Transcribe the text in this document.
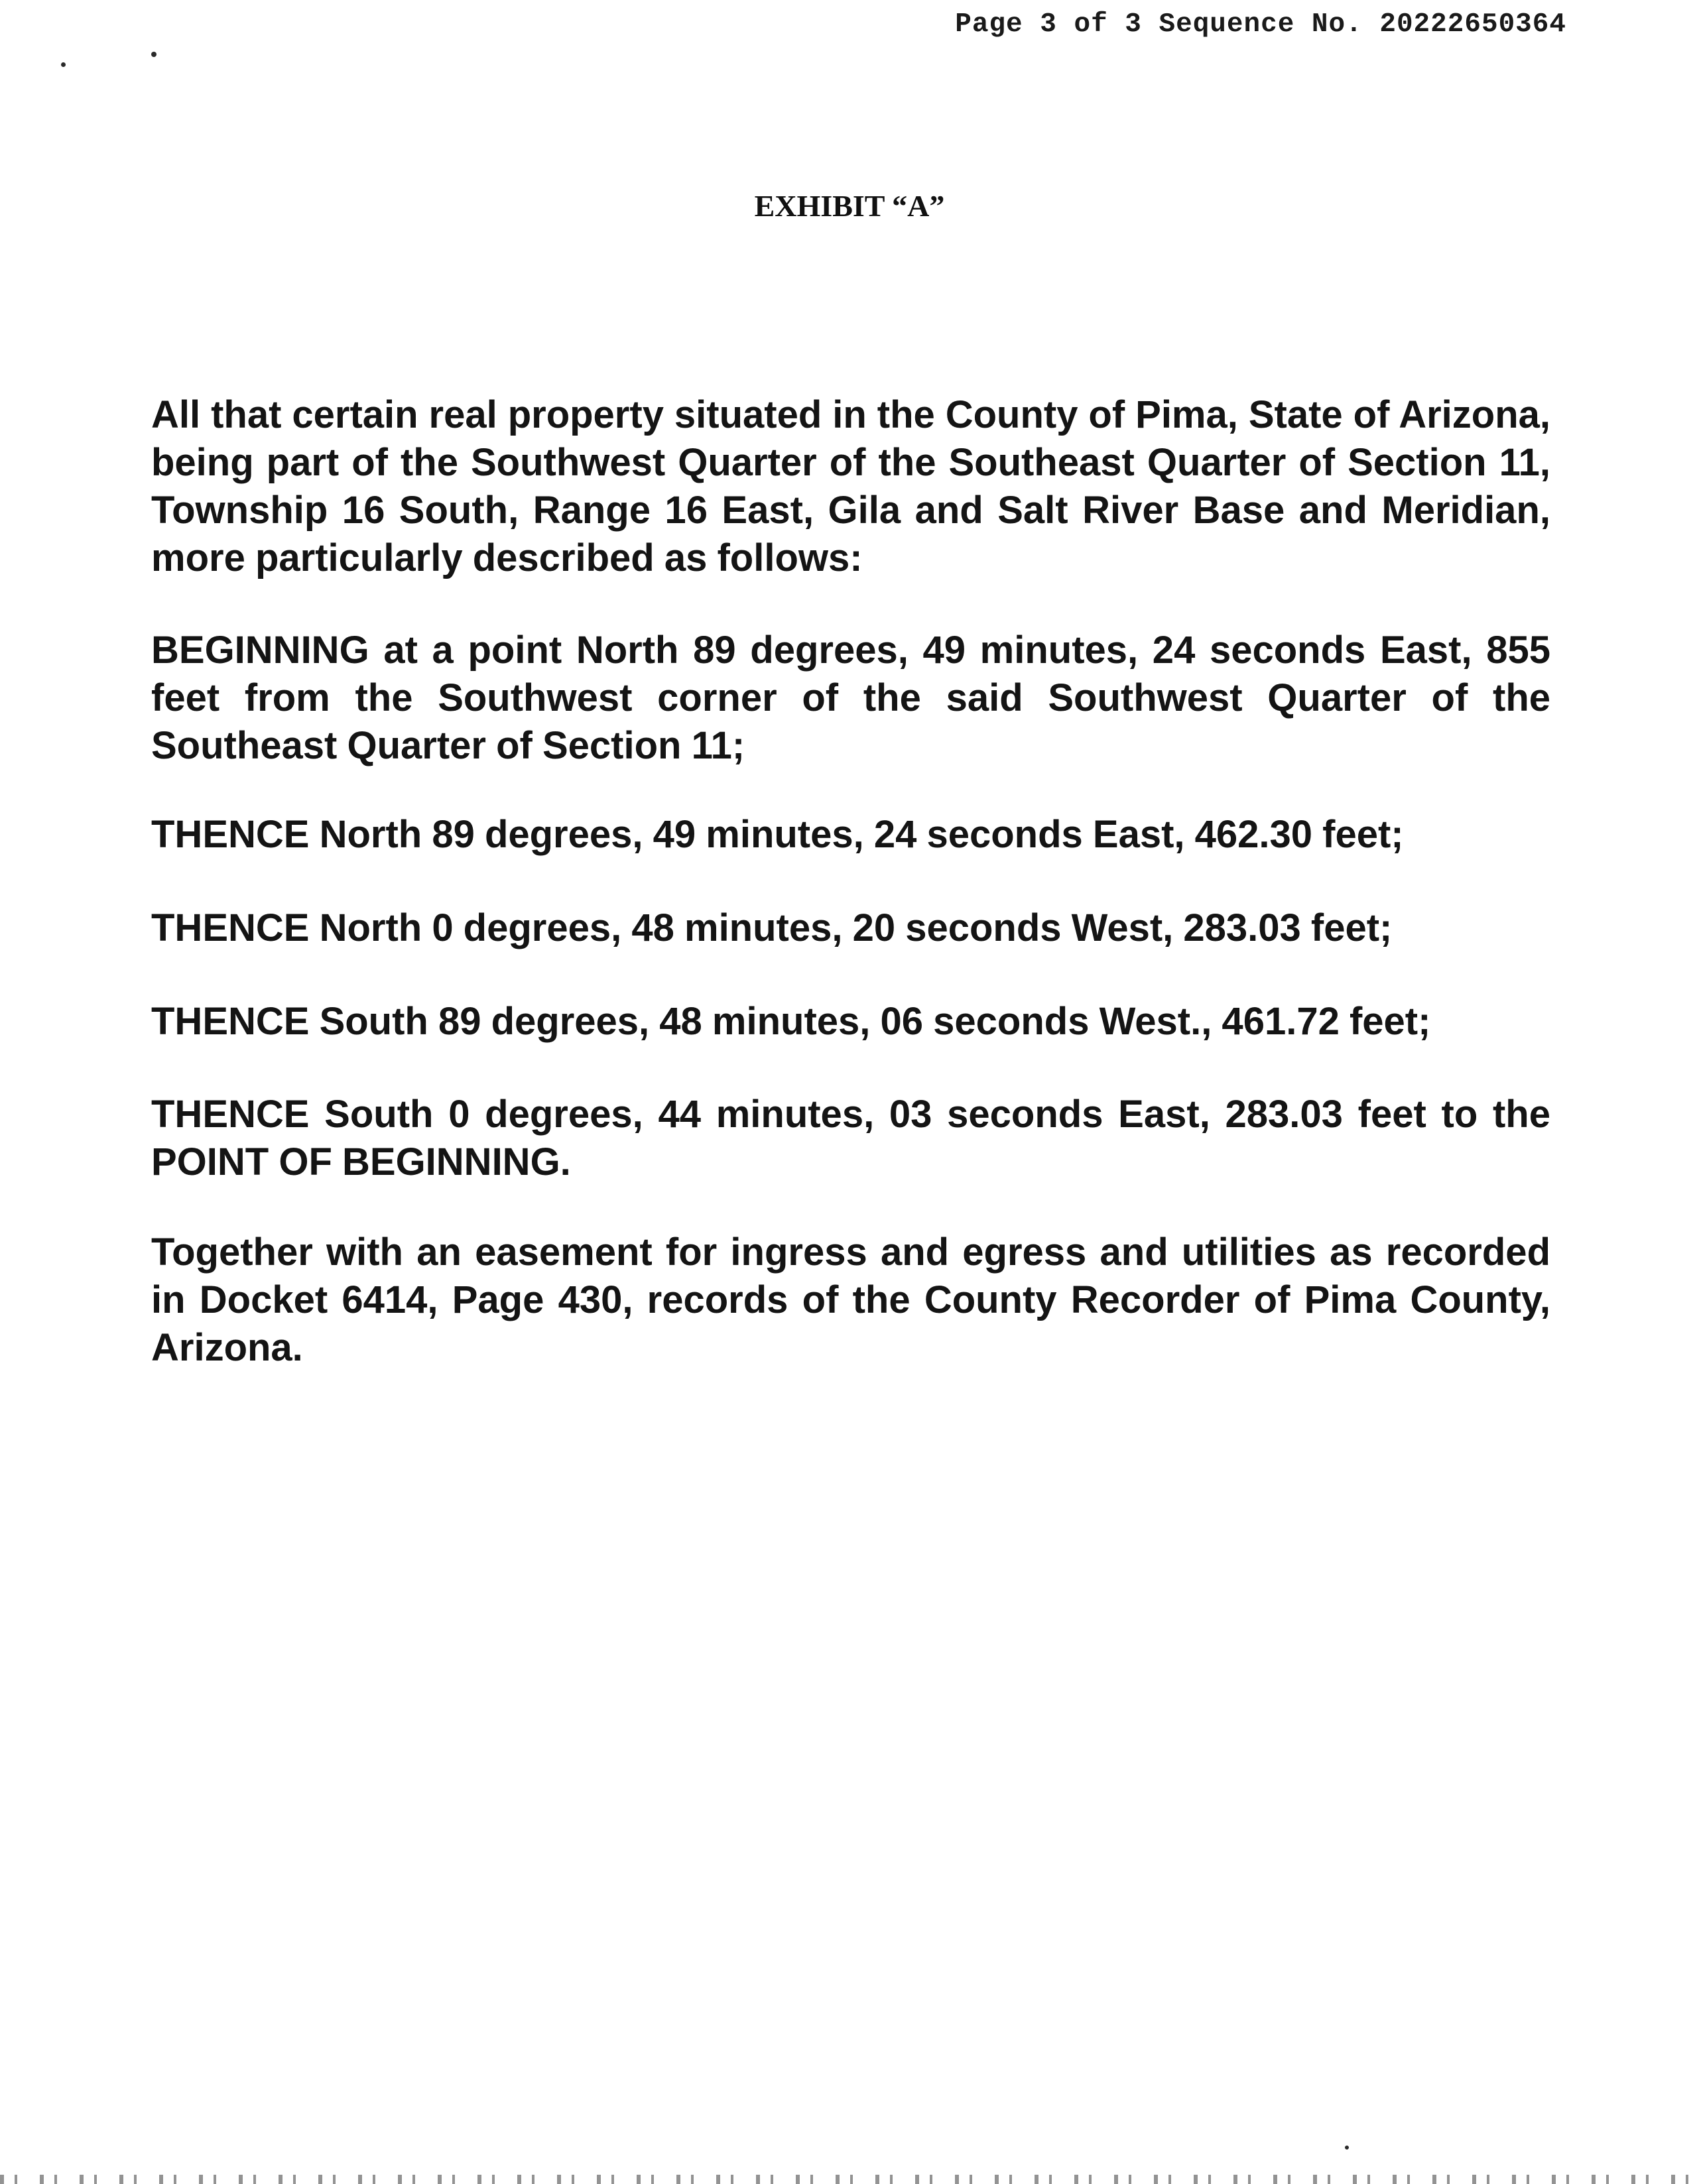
Page 3 of 3 Sequence No. 20222650364
EXHIBIT “A”

All that certain real property situated in the County of Pima, State of Arizona, being part of the Southwest Quarter of the Southeast Quarter of Section 11, Township 16 South, Range 16 East, Gila and Salt River Base and Meridian, more particularly described as follows:

BEGINNING at a point North 89 degrees, 49 minutes, 24 seconds East, 855 feet from the Southwest corner of the said Southwest Quarter of the Southeast Quarter of Section 11;

THENCE North 89 degrees, 49 minutes, 24 seconds East, 462.30 feet;

THENCE North 0 degrees, 48 minutes, 20 seconds West, 283.03 feet;

THENCE South 89 degrees, 48 minutes, 06 seconds West., 461.72 feet;

THENCE South 0 degrees, 44 minutes, 03 seconds East, 283.03 feet to the POINT OF BEGINNING.

Together with an easement for ingress and egress and utilities as recorded in Docket 6414, Page 430, records of the County Recorder of Pima County, Arizona.
